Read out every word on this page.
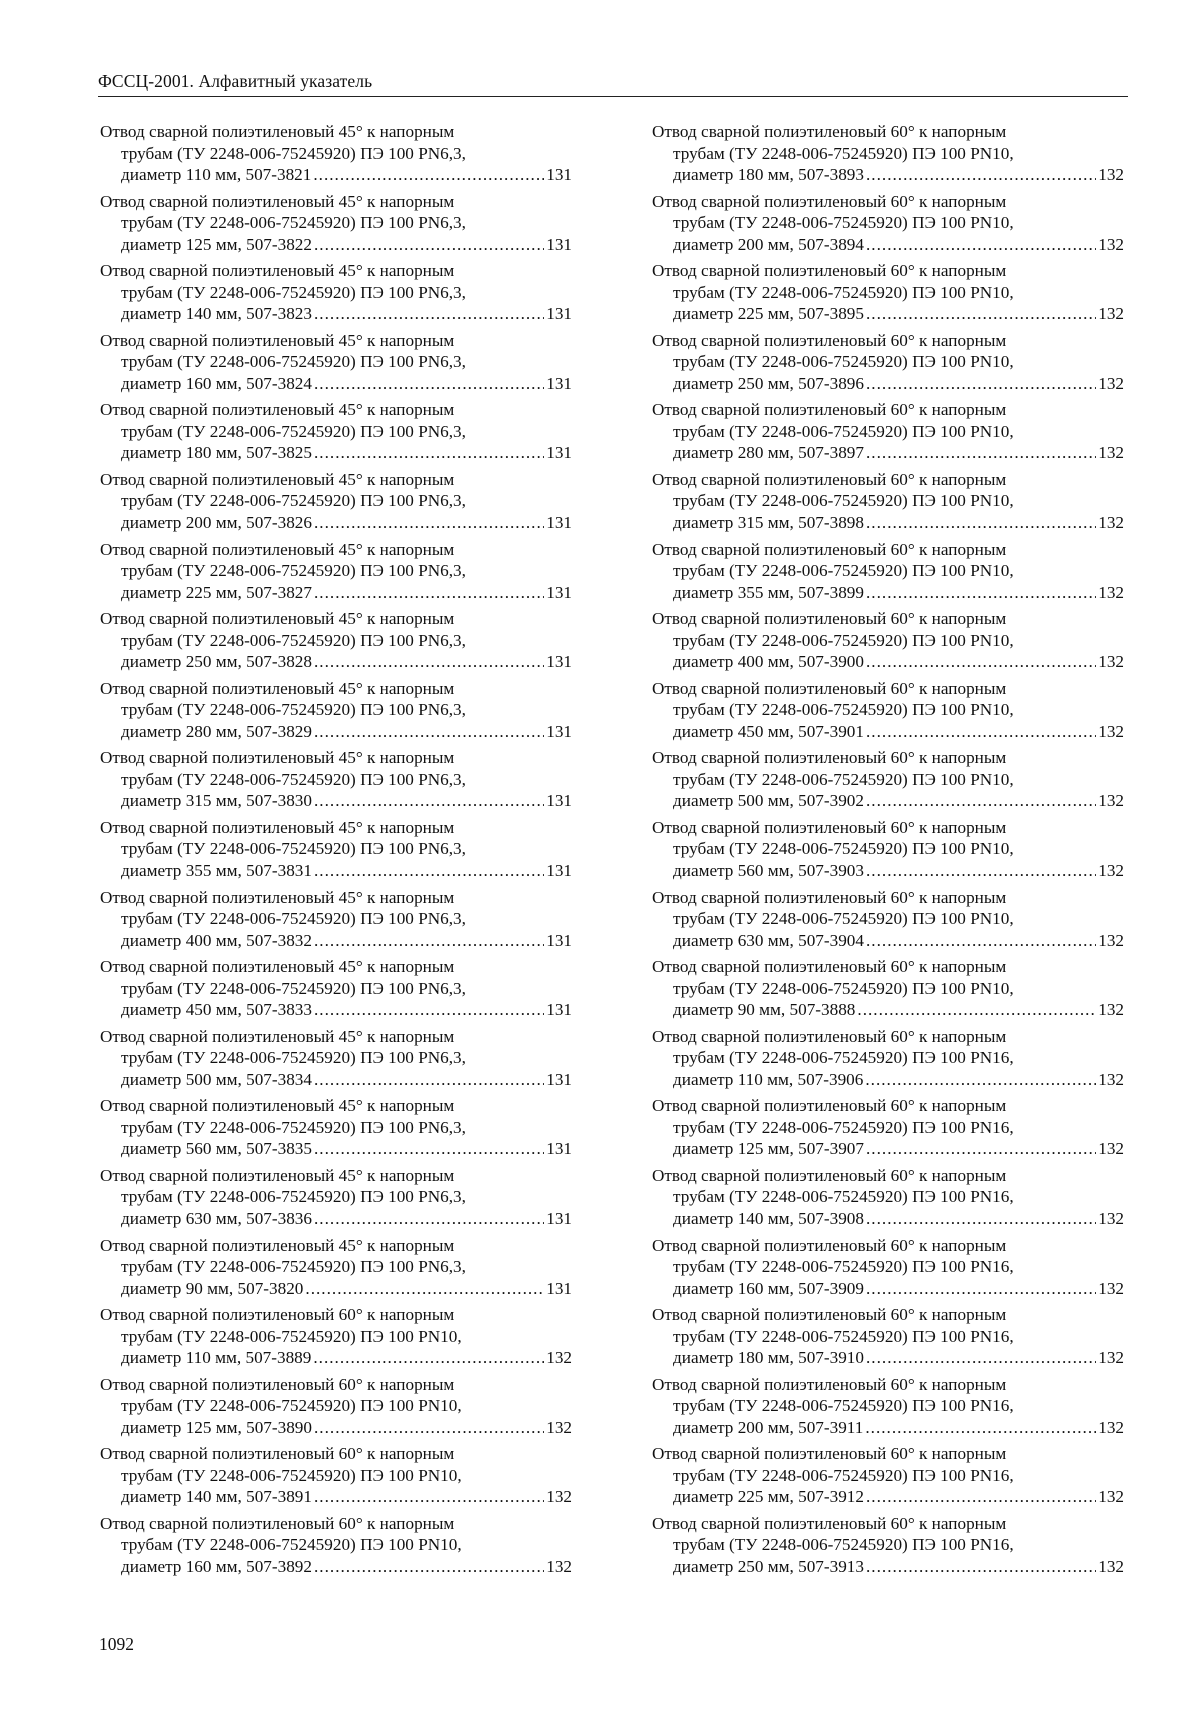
ФССЦ-2001. Алфавитный указатель
Отвод сварной полиэтиленовый 45° к напорным
трубам (ТУ 2248-006-75245920) ПЭ 100 PN6,3,
диаметр 110 мм, 507-3821 .....	131
Отвод сварной полиэтиленовый 45° к напорным
трубам (ТУ 2248-006-75245920) ПЭ 100 PN6,3,
диаметр 125 мм, 507-3822 .....	131
Отвод сварной полиэтиленовый 45° к напорным
трубам (ТУ 2248-006-75245920) ПЭ 100 PN6,3,
диаметр 140 мм, 507-3823 .....	131
Отвод сварной полиэтиленовый 45° к напорным
трубам (ТУ 2248-006-75245920) ПЭ 100 PN6,3,
диаметр 160 мм, 507-3824 .....	131
Отвод сварной полиэтиленовый 45° к напорным
трубам (ТУ 2248-006-75245920) ПЭ 100 PN6,3,
диаметр 180 мм, 507-3825 .....	131
Отвод сварной полиэтиленовый 45° к напорным
трубам (ТУ 2248-006-75245920) ПЭ 100 PN6,3,
диаметр 200 мм, 507-3826 .....	131
Отвод сварной полиэтиленовый 45° к напорным
трубам (ТУ 2248-006-75245920) ПЭ 100 PN6,3,
диаметр 225 мм, 507-3827 .....	131
Отвод сварной полиэтиленовый 45° к напорным
трубам (ТУ 2248-006-75245920) ПЭ 100 PN6,3,
диаметр 250 мм, 507-3828 .....	131
Отвод сварной полиэтиленовый 45° к напорным
трубам (ТУ 2248-006-75245920) ПЭ 100 PN6,3,
диаметр 280 мм, 507-3829 .....	131
Отвод сварной полиэтиленовый 45° к напорным
трубам (ТУ 2248-006-75245920) ПЭ 100 PN6,3,
диаметр 315 мм, 507-3830 .....	131
Отвод сварной полиэтиленовый 45° к напорным
трубам (ТУ 2248-006-75245920) ПЭ 100 PN6,3,
диаметр 355 мм, 507-3831 .....	131
Отвод сварной полиэтиленовый 45° к напорным
трубам (ТУ 2248-006-75245920) ПЭ 100 PN6,3,
диаметр 400 мм, 507-3832 .....	131
Отвод сварной полиэтиленовый 45° к напорным
трубам (ТУ 2248-006-75245920) ПЭ 100 PN6,3,
диаметр 450 мм, 507-3833 .....	131
Отвод сварной полиэтиленовый 45° к напорным
трубам (ТУ 2248-006-75245920) ПЭ 100 PN6,3,
диаметр 500 мм, 507-3834 .....	131
Отвод сварной полиэтиленовый 45° к напорным
трубам (ТУ 2248-006-75245920) ПЭ 100 PN6,3,
диаметр 560 мм, 507-3835 .....	131
Отвод сварной полиэтиленовый 45° к напорным
трубам (ТУ 2248-006-75245920) ПЭ 100 PN6,3,
диаметр 630 мм, 507-3836 .....	131
Отвод сварной полиэтиленовый 45° к напорным
трубам (ТУ 2248-006-75245920) ПЭ 100 PN6,3,
диаметр 90 мм, 507-3820 .....	131
Отвод сварной полиэтиленовый 60° к напорным
трубам (ТУ 2248-006-75245920) ПЭ 100 PN10,
диаметр 110 мм, 507-3889 .....	132
Отвод сварной полиэтиленовый 60° к напорным
трубам (ТУ 2248-006-75245920) ПЭ 100 PN10,
диаметр 125 мм, 507-3890 .....	132
Отвод сварной полиэтиленовый 60° к напорным
трубам (ТУ 2248-006-75245920) ПЭ 100 PN10,
диаметр 140 мм, 507-3891 .....	132
Отвод сварной полиэтиленовый 60° к напорным
трубам (ТУ 2248-006-75245920) ПЭ 100 PN10,
диаметр 160 мм, 507-3892 .....	132
Отвод сварной полиэтиленовый 60° к напорным
трубам (ТУ 2248-006-75245920) ПЭ 100 PN10,
диаметр 180 мм, 507-3893 .....	132
Отвод сварной полиэтиленовый 60° к напорным
трубам (ТУ 2248-006-75245920) ПЭ 100 PN10,
диаметр 200 мм, 507-3894 .....	132
Отвод сварной полиэтиленовый 60° к напорным
трубам (ТУ 2248-006-75245920) ПЭ 100 PN10,
диаметр 225 мм, 507-3895 .....	132
Отвод сварной полиэтиленовый 60° к напорным
трубам (ТУ 2248-006-75245920) ПЭ 100 PN10,
диаметр 250 мм, 507-3896 .....	132
Отвод сварной полиэтиленовый 60° к напорным
трубам (ТУ 2248-006-75245920) ПЭ 100 PN10,
диаметр 280 мм, 507-3897 .....	132
Отвод сварной полиэтиленовый 60° к напорным
трубам (ТУ 2248-006-75245920) ПЭ 100 PN10,
диаметр 315 мм, 507-3898 .....	132
Отвод сварной полиэтиленовый 60° к напорным
трубам (ТУ 2248-006-75245920) ПЭ 100 PN10,
диаметр 355 мм, 507-3899 .....	132
Отвод сварной полиэтиленовый 60° к напорным
трубам (ТУ 2248-006-75245920) ПЭ 100 PN10,
диаметр 400 мм, 507-3900 .....	132
Отвод сварной полиэтиленовый 60° к напорным
трубам (ТУ 2248-006-75245920) ПЭ 100 PN10,
диаметр 450 мм, 507-3901 .....	132
Отвод сварной полиэтиленовый 60° к напорным
трубам (ТУ 2248-006-75245920) ПЭ 100 PN10,
диаметр 500 мм, 507-3902 .....	132
Отвод сварной полиэтиленовый 60° к напорным
трубам (ТУ 2248-006-75245920) ПЭ 100 PN10,
диаметр 560 мм, 507-3903 .....	132
Отвод сварной полиэтиленовый 60° к напорным
трубам (ТУ 2248-006-75245920) ПЭ 100 PN10,
диаметр 630 мм, 507-3904 .....	132
Отвод сварной полиэтиленовый 60° к напорным
трубам (ТУ 2248-006-75245920) ПЭ 100 PN10,
диаметр 90 мм, 507-3888 .....	132
Отвод сварной полиэтиленовый 60° к напорным
трубам (ТУ 2248-006-75245920) ПЭ 100 PN16,
диаметр 110 мм, 507-3906 .....	132
Отвод сварной полиэтиленовый 60° к напорным
трубам (ТУ 2248-006-75245920) ПЭ 100 PN16,
диаметр 125 мм, 507-3907 .....	132
Отвод сварной полиэтиленовый 60° к напорным
трубам (ТУ 2248-006-75245920) ПЭ 100 PN16,
диаметр 140 мм, 507-3908 .....	132
Отвод сварной полиэтиленовый 60° к напорным
трубам (ТУ 2248-006-75245920) ПЭ 100 PN16,
диаметр 160 мм, 507-3909 .....	132
Отвод сварной полиэтиленовый 60° к напорным
трубам (ТУ 2248-006-75245920) ПЭ 100 PN16,
диаметр 180 мм, 507-3910 .....	132
Отвод сварной полиэтиленовый 60° к напорным
трубам (ТУ 2248-006-75245920) ПЭ 100 PN16,
диаметр 200 мм, 507-3911 .....	132
Отвод сварной полиэтиленовый 60° к напорным
трубам (ТУ 2248-006-75245920) ПЭ 100 PN16,
диаметр 225 мм, 507-3912 .....	132
Отвод сварной полиэтиленовый 60° к напорным
трубам (ТУ 2248-006-75245920) ПЭ 100 PN16,
диаметр 250 мм, 507-3913 .....	132
1092
